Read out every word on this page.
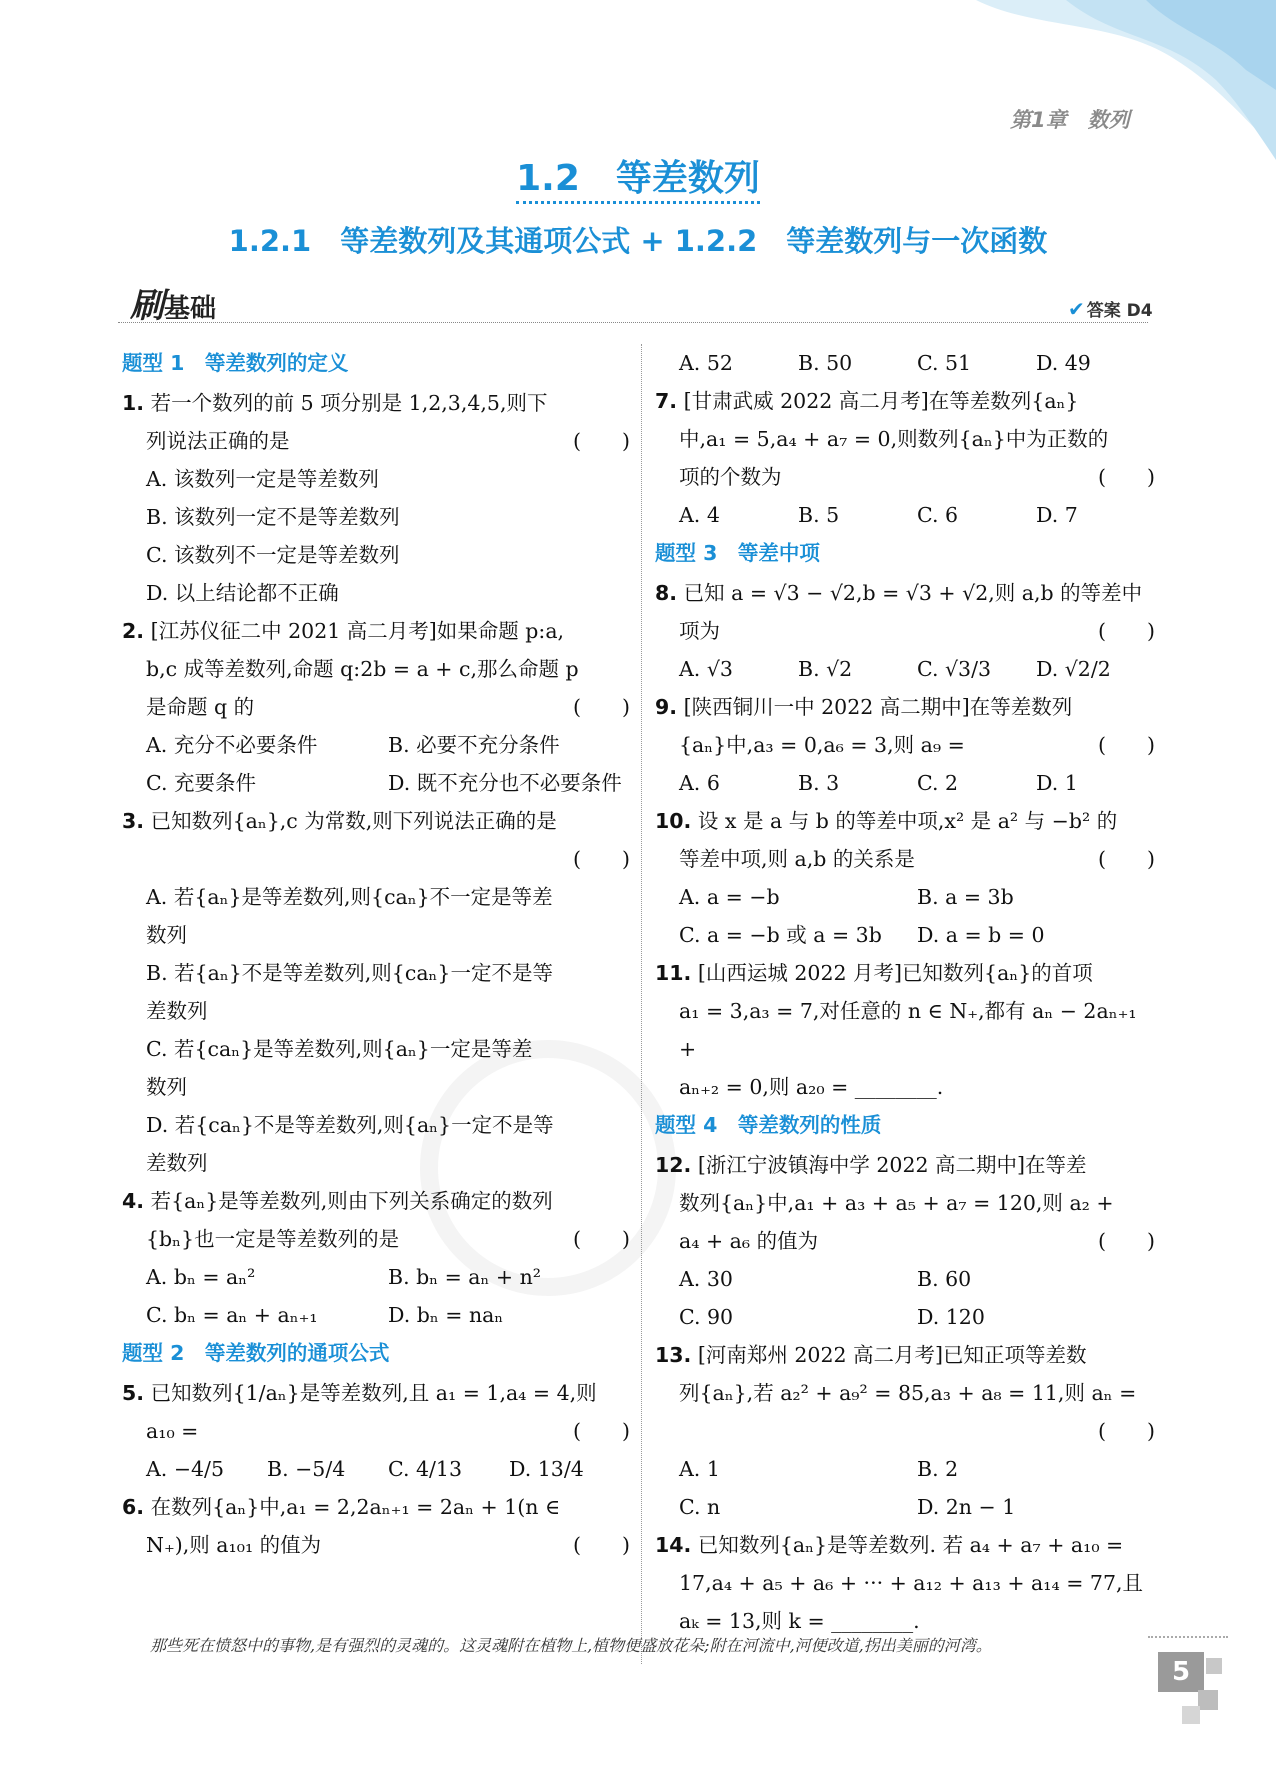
第1章　数列
1.2　等差数列
1.2.1　等差数列及其通项公式 + 1.2.2　等差数列与一次函数
刷基础	✔ 答案 D4
题型 1　等差数列的定义
1. 若一个数列的前 5 项分别是 1,2,3,4,5,则下
列说法正确的是	(　　)
A. 该数列一定是等差数列
B. 该数列一定不是等差数列
C. 该数列不一定是等差数列
D. 以上结论都不正确
2. [江苏仪征二中 2021 高二月考]如果命题 p:a,
b,c 成等差数列,命题 q:2b = a + c,那么命题 p
是命题 q 的	(　　)
A. 充分不必要条件	B. 必要不充分条件
C. 充要条件	D. 既不充分也不必要条件
3. 已知数列{aₙ},c 为常数,则下列说法正确的是
(　　)

A. 若{aₙ}是等差数列,则{caₙ}不一定是等差
数列
B. 若{aₙ}不是等差数列,则{caₙ}一定不是等
差数列
C. 若{caₙ}是等差数列,则{aₙ}一定是等差
数列
D. 若{caₙ}不是等差数列,则{aₙ}一定不是等
差数列
4. 若{aₙ}是等差数列,则由下列关系确定的数列
{bₙ}也一定是等差数列的是	(　　)
A. bₙ = aₙ²	B. bₙ = aₙ + n²
C. bₙ = aₙ + aₙ₊₁	D. bₙ = naₙ
题型 2　等差数列的通项公式
5. 已知数列{1/aₙ}是等差数列,且 a₁ = 1,a₄ = 4,则
a₁₀ =	(　　)
A. −4/5	B. −5/4	C. 4/13	D. 13/4
6. 在数列{aₙ}中,a₁ = 2,2aₙ₊₁ = 2aₙ + 1(n ∈
N₊),则 a₁₀₁ 的值为	(　　)
A. 52	B. 50	C. 51	D. 49
7. [甘肃武威 2022 高二月考]在等差数列{aₙ}
中,a₁ = 5,a₄ + a₇ = 0,则数列{aₙ}中为正数的
项的个数为	(　　)
A. 4	B. 5	C. 6	D. 7
题型 3　等差中项
8. 已知 a = √3 − √2,b = √3 + √2,则 a,b 的等差中
项为	(　　)
A. √3	B. √2	C. √3/3	D. √2/2
9. [陕西铜川一中 2022 高二期中]在等差数列
{aₙ}中,a₃ = 0,a₆ = 3,则 a₉ =	(　　)
A. 6	B. 3	C. 2	D. 1
10. 设 x 是 a 与 b 的等差中项,x² 是 a² 与 −b² 的
等差中项,则 a,b 的关系是	(　　)
A. a = −b	B. a = 3b
C. a = −b 或 a = 3b	D. a = b = 0
11. [山西运城 2022 月考]已知数列{aₙ}的首项
a₁ = 3,a₃ = 7,对任意的 n ∈ N₊,都有 aₙ − 2aₙ₊₁ +
aₙ₊₂ = 0,则 a₂₀ = ________.
题型 4　等差数列的性质
12. [浙江宁波镇海中学 2022 高二期中]在等差
数列{aₙ}中,a₁ + a₃ + a₅ + a₇ = 120,则 a₂ +
a₄ + a₆ 的值为	(　　)
A. 30	B. 60
C. 90	D. 120
13. [河南郑州 2022 高二月考]已知正项等差数
列{aₙ},若 a₂² + a₉² = 85,a₃ + a₈ = 11,则 aₙ =
(　　)

A. 1	B. 2
C. n	D. 2n − 1
14. 已知数列{aₙ}是等差数列. 若 a₄ + a₇ + a₁₀ =
17,a₄ + a₅ + a₆ + ··· + a₁₂ + a₁₃ + a₁₄ = 77,且
aₖ = 13,则 k = ________.
那些死在愤怒中的事物,是有强烈的灵魂的。这灵魂附在植物上,植物便盛放花朵;附在河流中,河便改道,拐出美丽的河湾。
5
